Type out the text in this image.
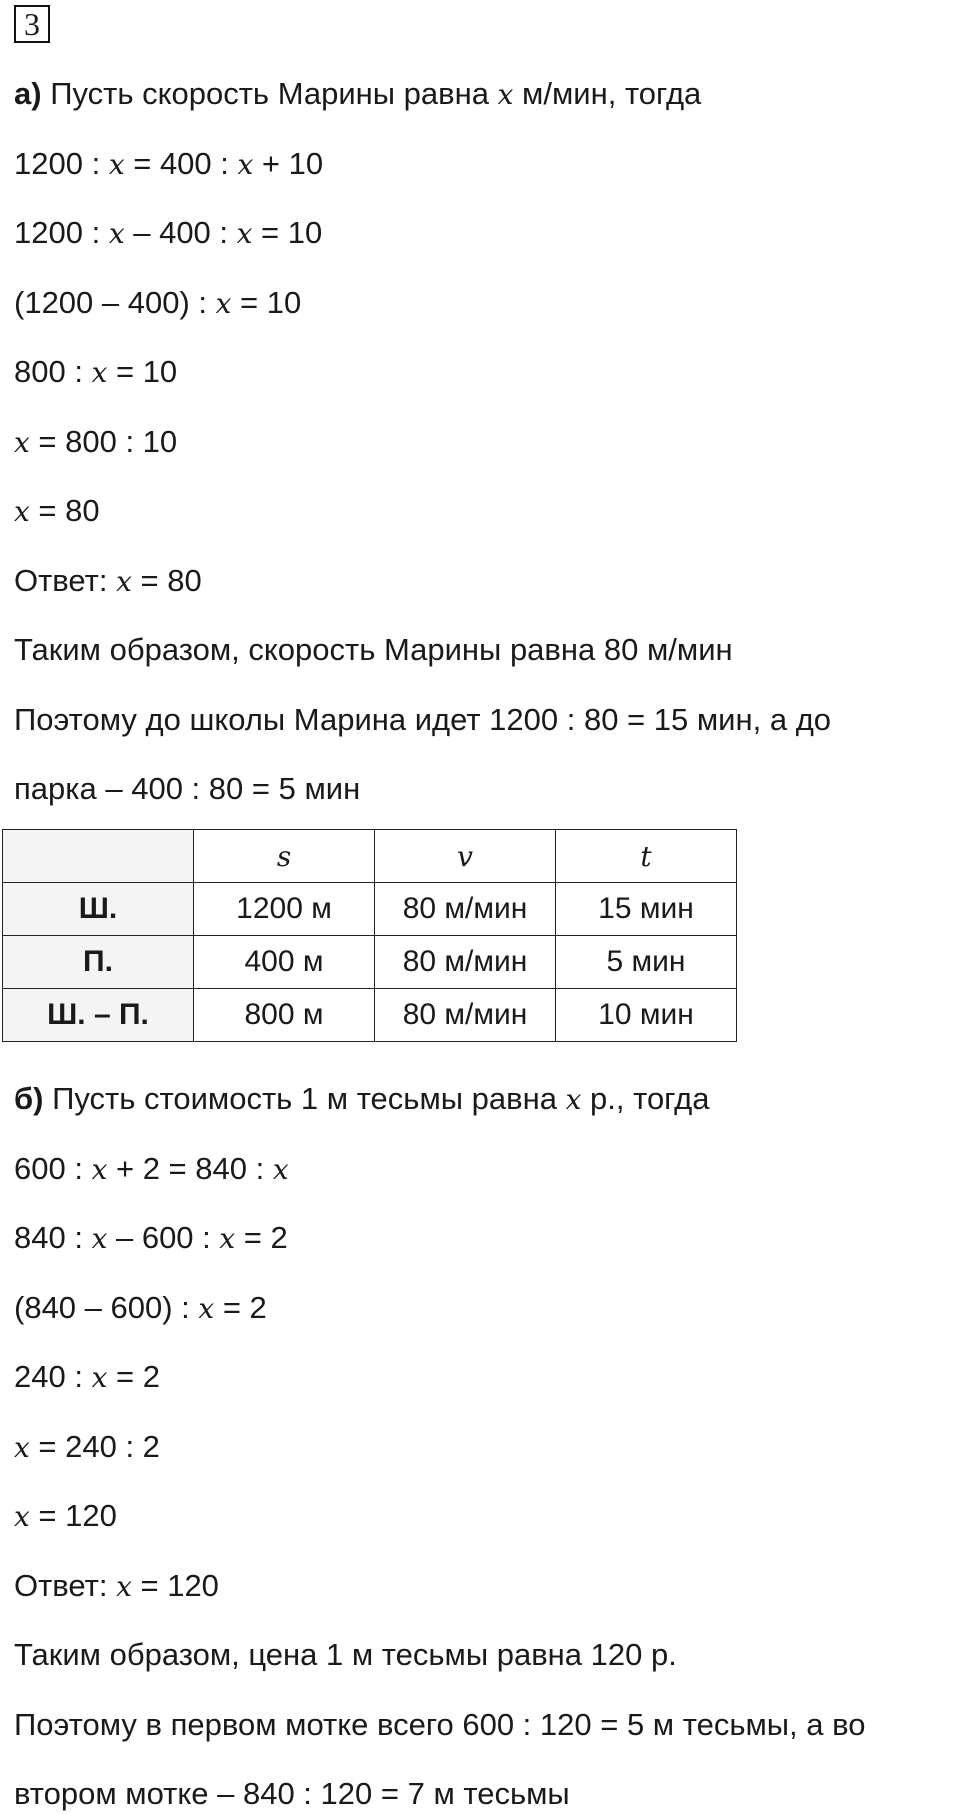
3
а) Пусть скорость Марины равна x м/мин, тогда
1200 : x = 400 : x + 10
1200 : x – 400 : x = 10
(1200 – 400) : x = 10
800 : x = 10
x = 800 : 10
x = 80
Ответ: x = 80
Таким образом, скорость Марины равна 80 м/мин
Поэтому до школы Марина идет 1200 : 80 = 15 мин, а до
парка – 400 : 80 = 5 мин
	s	v	t
Ш.	1200 м	80 м/мин	15 мин
П.	400 м	80 м/мин	5 мин
Ш. – П.	800 м	80 м/мин	10 мин
б) Пусть стоимость 1 м тесьмы равна x р., тогда
600 : x + 2 = 840 : x
840 : x – 600 : x = 2
(840 – 600) : x = 2
240 : x = 2
x = 240 : 2
x = 120
Ответ: x = 120
Таким образом, цена 1 м тесьмы равна 120 р.
Поэтому в первом мотке всего 600 : 120 = 5 м тесьмы, а во
втором мотке – 840 : 120 = 7 м тесьмы
